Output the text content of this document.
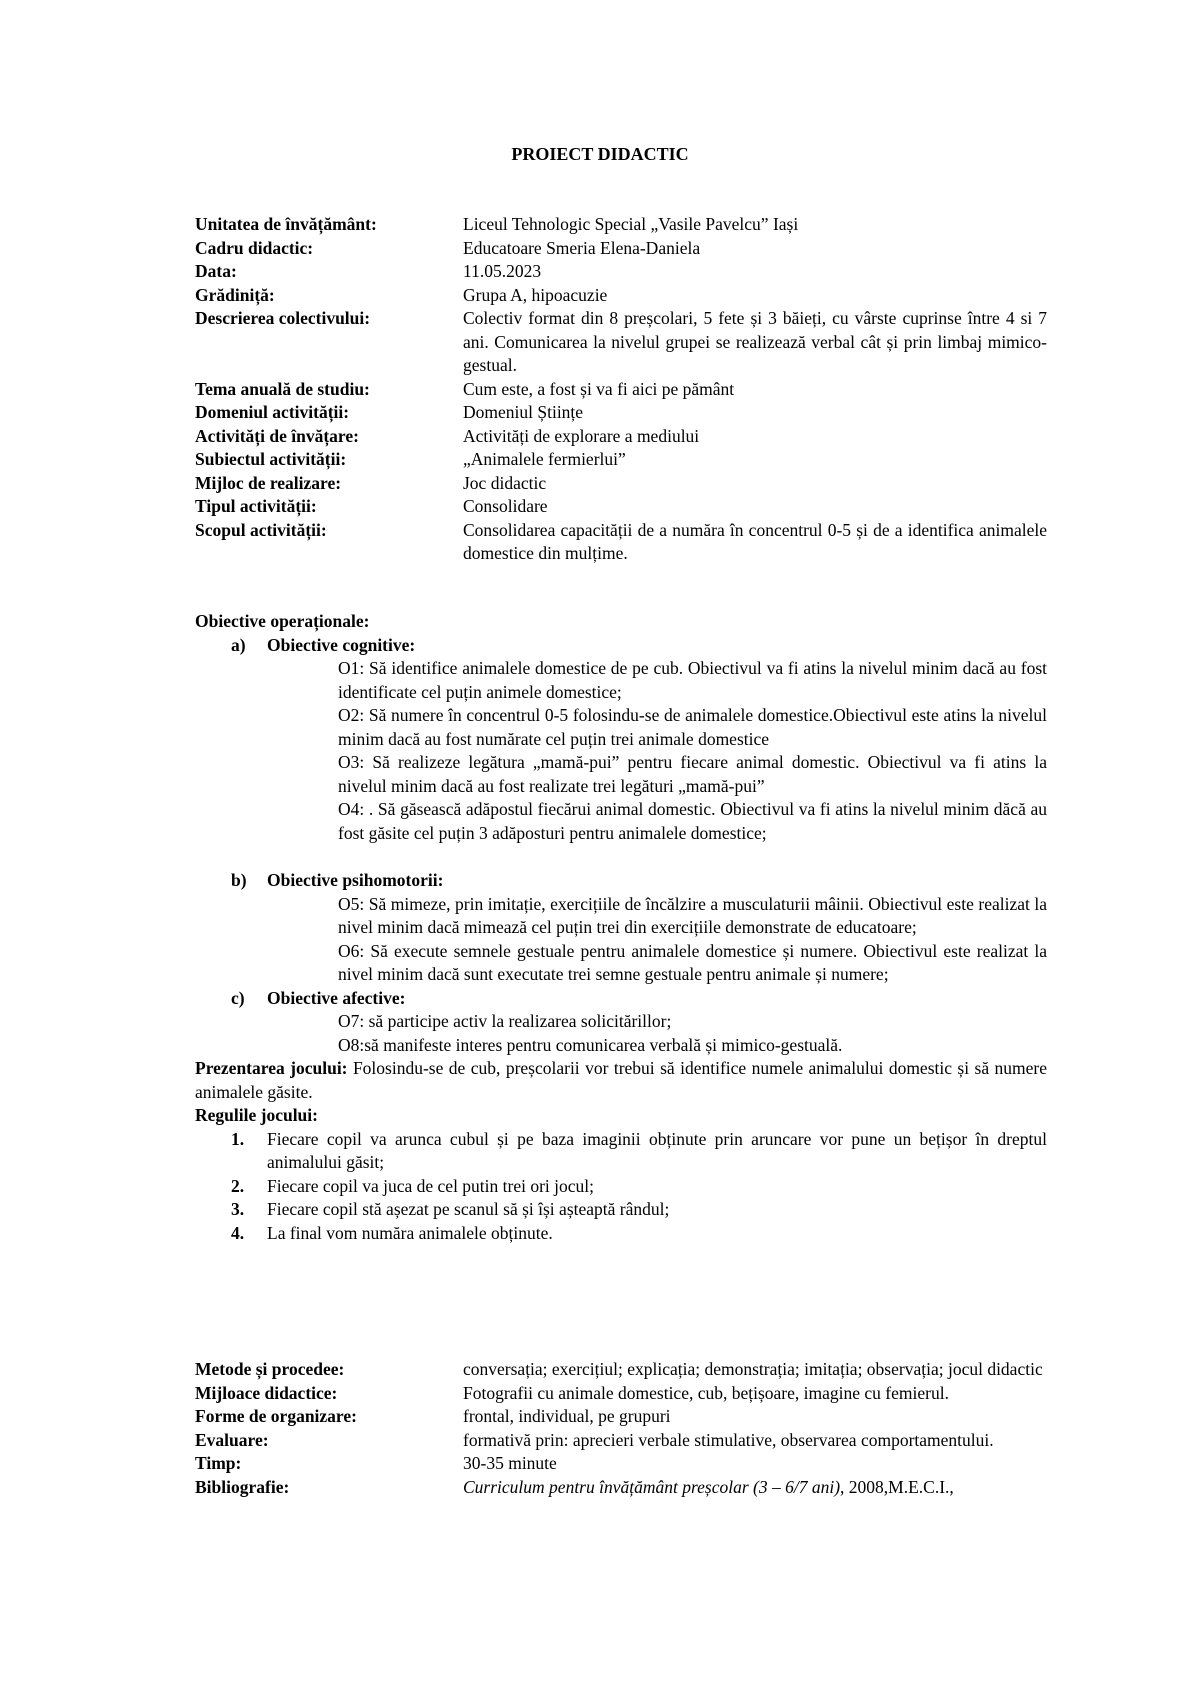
PROIECT DIDACTIC
Unitatea de învățământ:	Liceul Tehnologic Special „Vasile Pavelcu” Iași
Cadru didactic:	Educatoare Smeria Elena-Daniela
Data:	11.05.2023
Grădiniță:	Grupa A, hipoacuzie
Descrierea colectivului:	Colectiv format din 8 preșcolari, 5 fete și 3 băieți, cu vârste cuprinse între 4 si 7 ani. Comunicarea la nivelul grupei se realizează verbal cât și prin limbaj mimico-gestual.
Tema anuală de studiu:	Cum este, a fost și va fi aici pe pământ
Domeniul activității:	Domeniul Științe
Activități de învățare:	Activități de explorare a mediului
Subiectul activității:	„Animalele fermierlui”
Mijloc de realizare:	Joc didactic
Tipul activității:	Consolidare
Scopul activității:	Consolidarea capacității de a număra în concentrul 0-5 și de a identifica animalele domestice din mulțime.
Obiective operaționale:
a)	Obiective cognitive:
O1: Să identifice animalele domestice de pe cub. Obiectivul va fi atins la nivelul minim dacă au fost identificate cel puțin animele domestice;
O2: Să numere în concentrul 0-5 folosindu-se de animalele domestice.Obiectivul este atins la nivelul minim dacă au fost numărate cel puțin trei animale domestice
O3: Să realizeze legătura „mamă-pui” pentru fiecare animal domestic. Obiectivul va fi atins la nivelul minim dacă au fost realizate trei legături „mamă-pui”
O4: . Să găsească adăpostul fiecărui animal domestic. Obiectivul va fi atins la nivelul minim dăcă au fost găsite cel puțin 3 adăposturi pentru animalele domestice;
b)	Obiective psihomotorii:
O5: Să mimeze, prin imitație, exercițiile de încălzire a musculaturii mâinii. Obiectivul este realizat la nivel minim dacă mimează cel puțin trei din exercițiile demonstrate de educatoare;
O6: Să execute semnele gestuale pentru animalele domestice și numere. Obiectivul este realizat la nivel minim dacă sunt executate trei semne gestuale pentru animale și numere;
c)	Obiective afective:
O7: să participe activ la realizarea solicitărillor;
O8:să manifeste interes pentru comunicarea verbală și mimico-gestuală.
Prezentarea jocului: Folosindu-se de cub, preșcolarii vor trebui să identifice numele animalului domestic și să numere animalele găsite.
Regulile jocului:
1.	Fiecare copil va arunca cubul și pe baza imaginii obținute prin aruncare vor pune un bețișor în dreptul animalului găsit;
2.	Fiecare copil va juca de cel putin trei ori jocul;
3.	Fiecare copil stă așezat pe scanul să și își așteaptă rândul;
4.	La final vom număra animalele obținute.
Metode și procedee:	conversația; exercițiul; explicația; demonstrația; imitația; observația; jocul didactic
Mijloace didactice:	Fotografii cu animale domestice, cub, bețișoare, imagine cu femierul.
Forme de organizare:	frontal, individual, pe grupuri
Evaluare:	formativă prin: aprecieri verbale stimulative, observarea comportamentului.
Timp:	30-35 minute
Bibliografie:	Curriculum pentru învățământ preșcolar (3 – 6/7 ani), 2008,M.E.C.I.,
